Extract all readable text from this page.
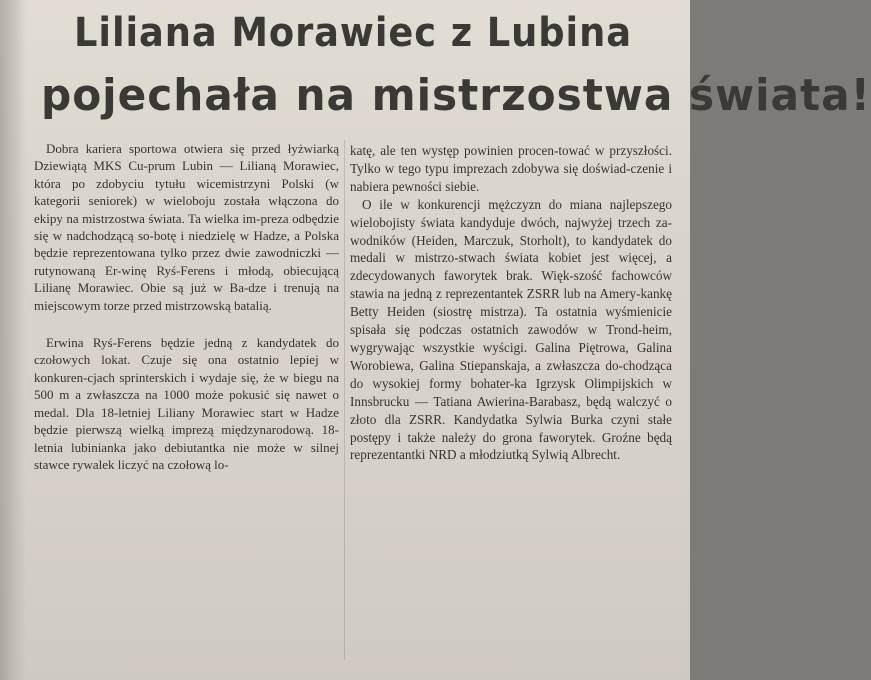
Liliana Morawiec z Lubina
pojechała na mistrzostwa świata!

Dobra kariera sportowa otwiera się przed łyżwiarką Dziewiątą MKS Cu-prum Lubin — Lilianą Morawiec, która po zdobyciu tytułu wicemistrzyni Polski (w kategorii seniorek) w wieloboju została włączona do ekipy na mistrzostwa świata. Ta wielka im-preza odbędzie się w nadchodzącą so-botę i niedzielę w Hadze, a Polska będzie reprezentowana tylko przez dwie zawodniczki — rutynowaną Er-winę Ryś-Ferens i młodą, obiecującą Lilianę Morawiec. Obie są już w Ba-dze i trenują na miejscowym torze przed mistrzowską batalią.

Erwina Ryś-Ferens będzie jedną z kandydatek do czołowych lokat. Czuje się ona ostatnio lepiej w konkuren-cjach sprinterskich i wydaje się, że w biegu na 500 m a zwłaszcza na 1000 może pokusić się nawet o medal. Dla 18-letniej Liliany Morawiec start w Hadze będzie pierwszą wielką imprezą międzynarodową. 18-letnia lubinianka jako debiutantka nie może w silnej stawce rywalek liczyć na czołową lo-

katę, ale ten występ powinien procen-tować w przyszłości. Tylko w tego typu imprezach zdobywa się doświad-czenie i nabiera pewności siebie.

O ile w konkurencji mężczyzn do miana najlepszego wielobojisty świata kandyduje dwóch, najwyżej trzech za-wodników (Heiden, Marczuk, Storholt), to kandydatek do medali w mistrzo-stwach świata kobiet jest więcej, a zdecydowanych faworytek brak. Więk-szość fachowców stawia na jedną z reprezentantek ZSRR lub na Amery-kankę Betty Heiden (siostrę mistrza). Ta ostatnia wyśmienicie spisała się podczas ostatnich zawodów w Trond-heim, wygrywając wszystkie wyścigi. Galina Piętrowa, Galina Worobiewa, Galina Stiepanskaja, a zwłaszcza do-chodząca do wysokiej formy bohater-ka Igrzysk Olimpijskich w Innsbrucku — Tatiana Awierina-Barabasz, będą walczyć o złoto dla ZSRR. Kandydatka Sylwia Burka czyni stałe postępy i także należy do grona faworytek. Groźne będą reprezentantki NRD a młodziutką Sylwią Albrecht.
